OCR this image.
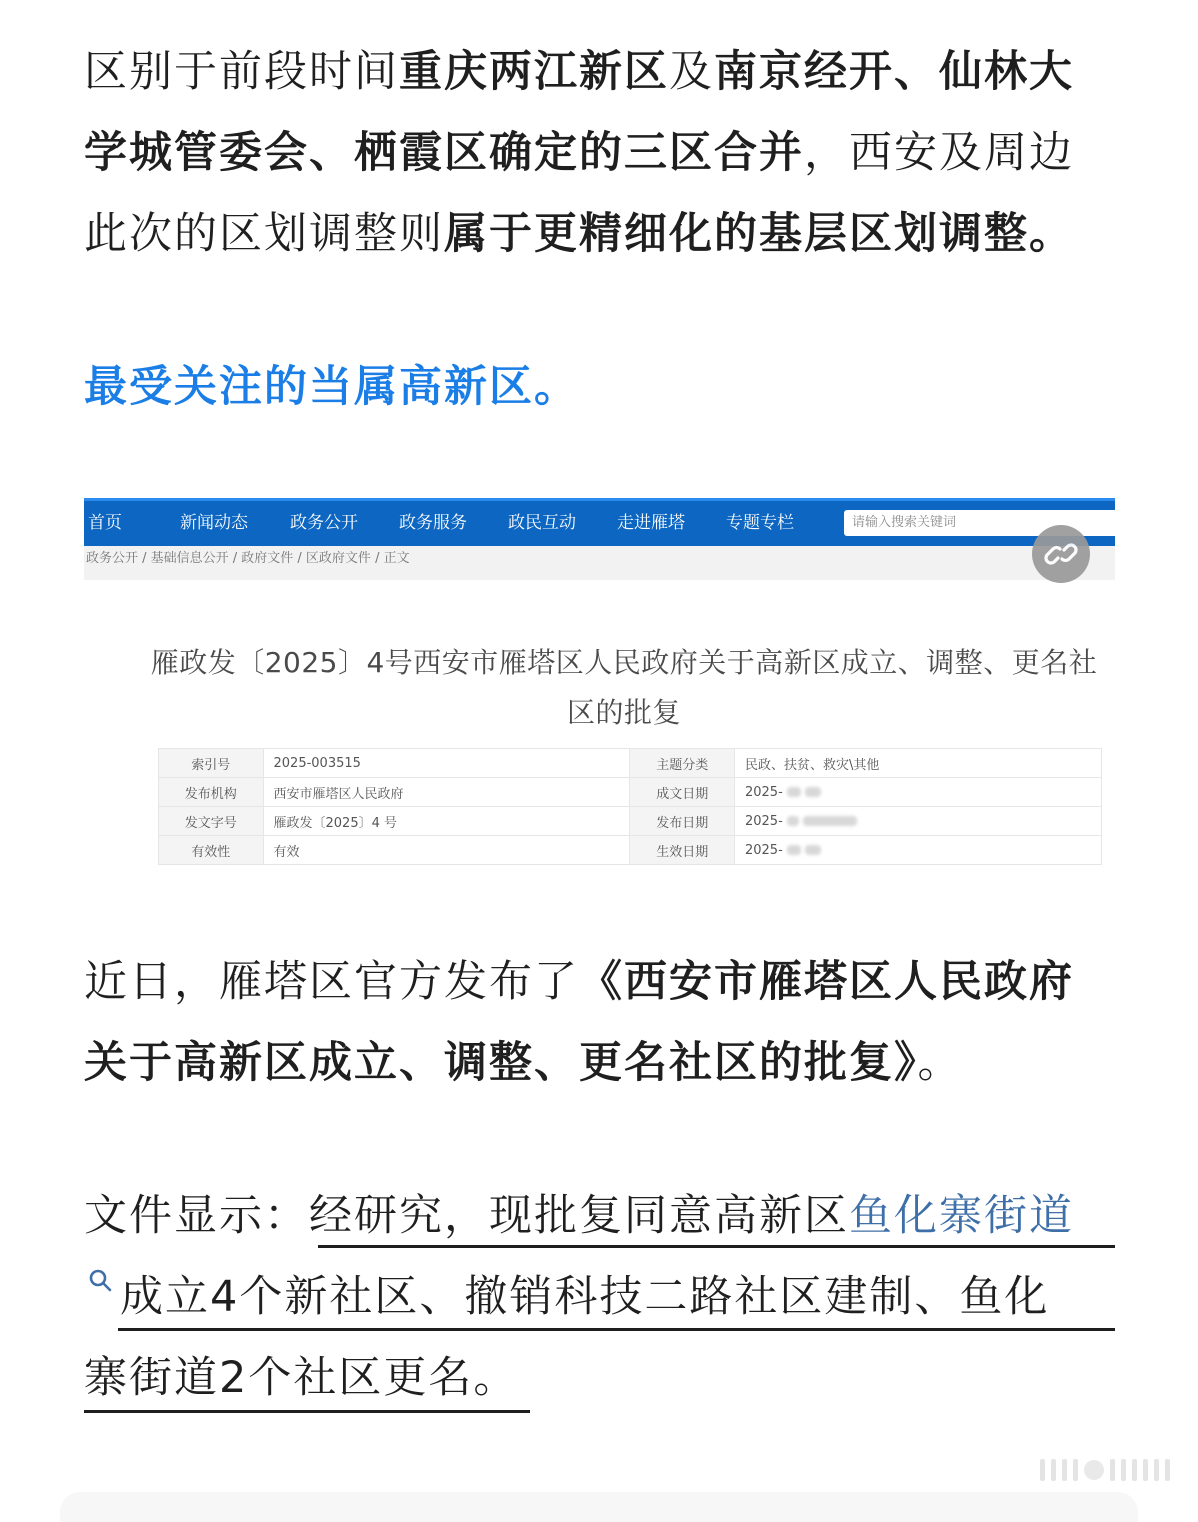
区别于前段时间重庆两江新区及南京经开、仙林大学城管委会、栖霞区确定的三区合并，西安及周边此次的区划调整则属于更精细化的基层区划调整。

最受关注的当属高新区。
首页	新闻动态 政务公开 政务服务 政民互动 走进雁塔 专题专栏	请输入搜索关键词
政务公开 / 基础信息公开 / 政府文件 / 区政府文件 / 正文
雁政发〔2025〕4号西安市雁塔区人民政府关于高新区成立、调整、更名社区的批复
索引号	2025-003515	主题分类	民政、扶贫、救灾\其他
发布机构	西安市雁塔区人民政府	成文日期	2025-
发文字号	雁政发〔2025〕4 号	发布日期	2025-
有效性	有效	生效日期	2025-

近日，雁塔区官方发布了《西安市雁塔区人民政府关于高新区成立、调整、更名社区的批复》。

文件显示：经研究，现批复同意高新区鱼化寨街道
成立4个新社区、撤销科技二路社区建制、鱼化
寨街道2个社区更名。
